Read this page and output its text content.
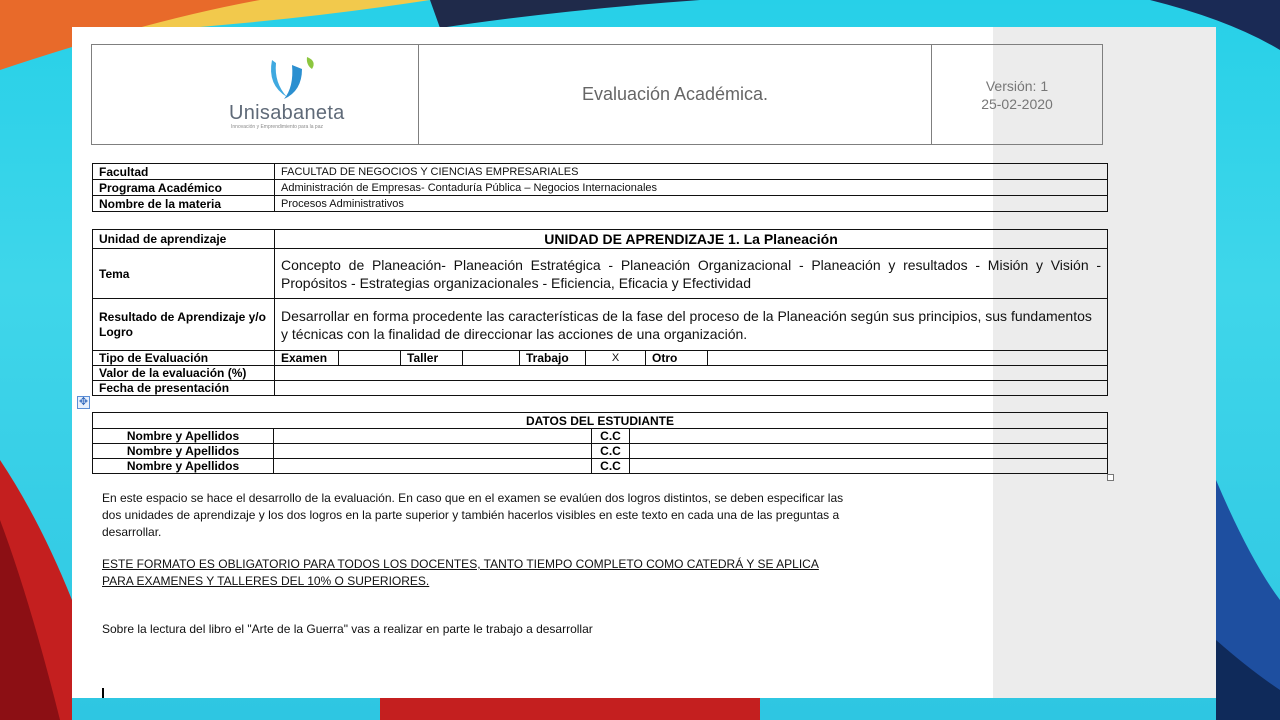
Unisabaneta
Innovación y Emprendimiento para la paz
Evaluación Académica.	Versión: 1
25-02-2020
Facultad	FACULTAD DE NEGOCIOS Y CIENCIAS EMPRESARIALES
Programa Académico	Administración de Empresas- Contaduría Pública – Negocios Internacionales
Nombre de la materia	Procesos Administrativos
Unidad de aprendizaje	UNIDAD DE APRENDIZAJE 1. La Planeación							
Tema	Concepto de Planeación- Planeación Estratégica - Planeación Organizacional - Planeación y resultados - Misión y Visión - Propósitos - Estrategias organizacionales - Eficiencia, Eficacia y Efectividad							
Resultado de Aprendizaje y/o Logro	Desarrollar en forma procedente las características de la fase del proceso de la Planeación según sus principios, sus fundamentos y técnicas con la finalidad de direccionar las acciones de una organización.							
Tipo de Evaluación	Examen		Taller		Trabajo	X	Otro	
Valor de la evaluación (%)								
Fecha de presentación								
✥
DATOS DEL ESTUDIANTE			
Nombre y Apellidos		C.C	
Nombre y Apellidos		C.C	
Nombre y Apellidos		C.C	
En este espacio se hace el desarrollo de la evaluación. En caso que en el examen se evalúen dos logros distintos, se deben especificar las
dos unidades de aprendizaje y los dos logros en la parte superior y también hacerlos visibles en este texto en cada una de las preguntas a
desarrollar.
ESTE FORMATO ES OBLIGATORIO PARA TODOS LOS DOCENTES, TANTO TIEMPO COMPLETO COMO CATEDRÁ Y SE APLICA
PARA EXAMENES Y TALLERES DEL 10% O SUPERIORES.
Sobre la lectura del libro el "Arte de la Guerra" vas a realizar en parte le trabajo a desarrollar
